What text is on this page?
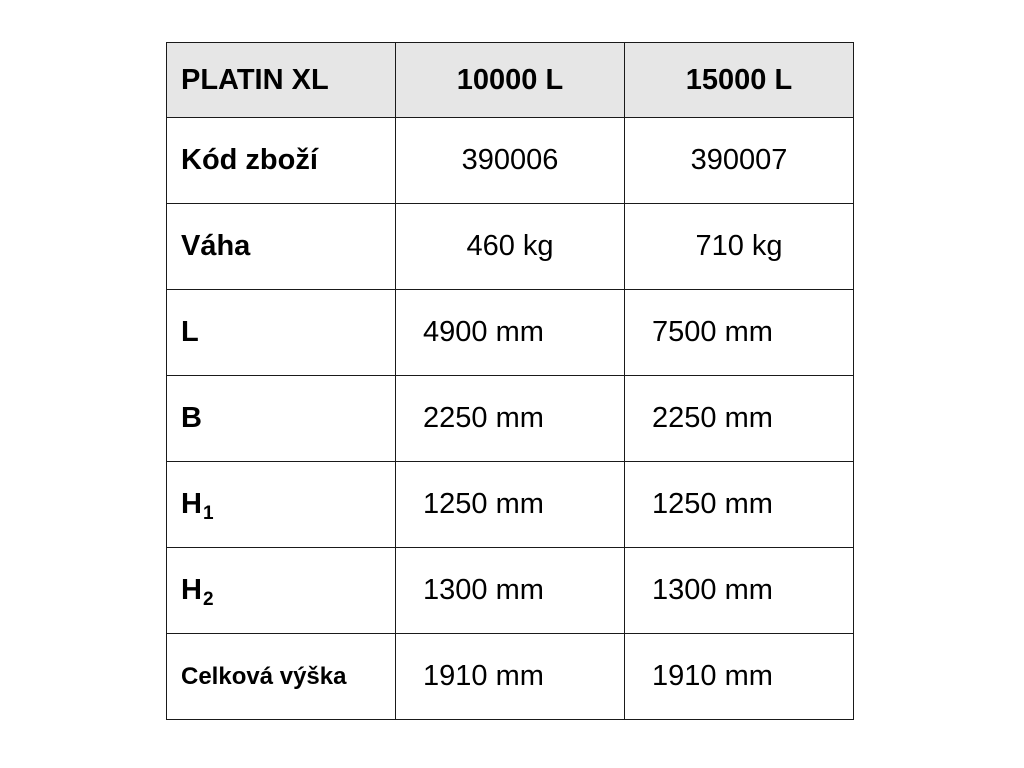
PLATIN XL	10000 L	15000 L
Kód zboží	390006	390007
Váha	460 kg	710 kg
L	4900 mm	7500 mm
B	2250 mm	2250 mm
$H_1$	1250 mm	1250 mm
$H_2$	1300 mm	1300 mm
Celková výška	1910 mm	1910 mm
